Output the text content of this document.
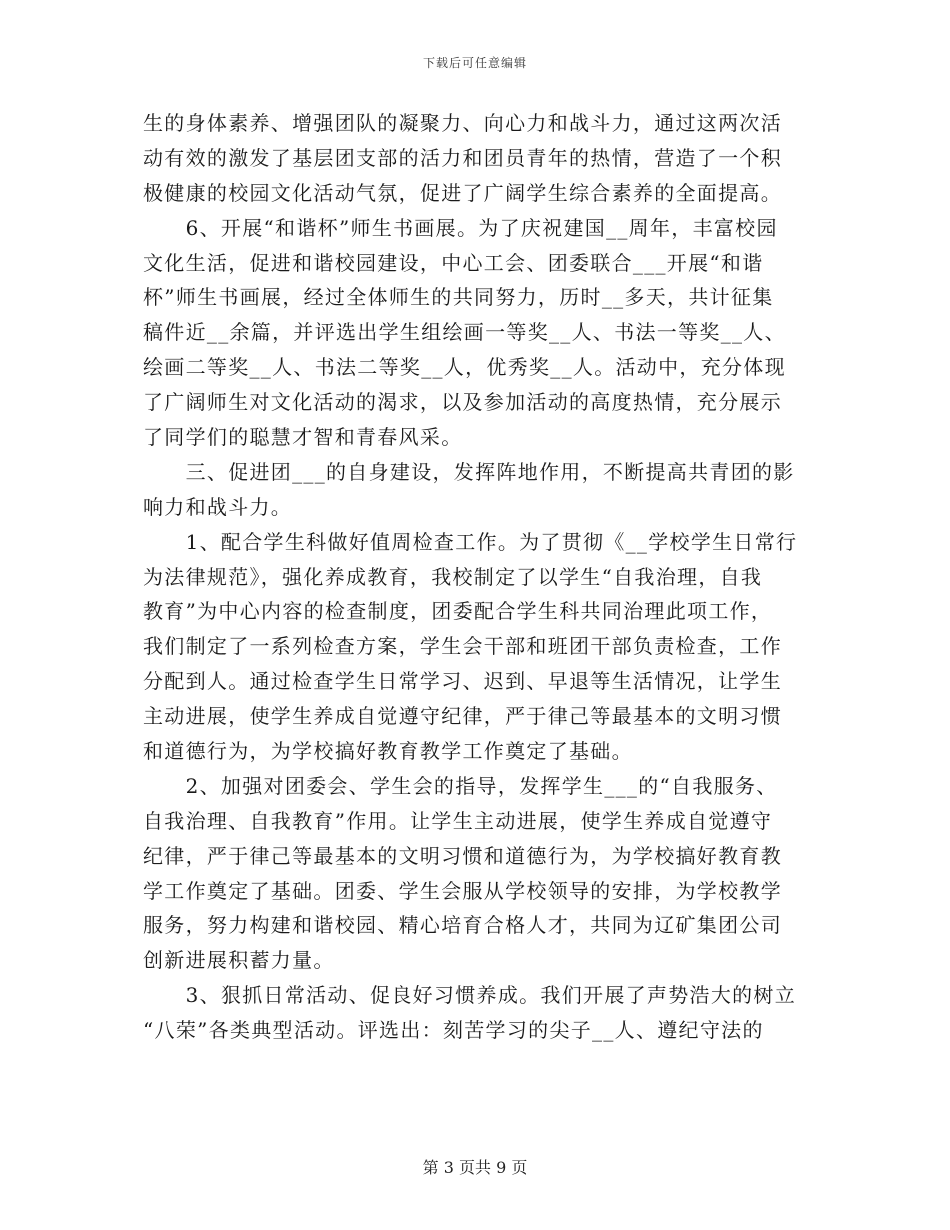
下载后可任意编辑
生的身体素养、增强团队的凝聚力、向心力和战斗力，通过这两次活
动有效的激发了基层团支部的活力和团员青年的热情，营造了一个积
极健康的校园文化活动气氛，促进了广阔学生综合素养的全面提高。
　　6、开展“和谐杯”师生书画展。为了庆祝建国__周年，丰富校园
文化生活，促进和谐校园建设，中心工会、团委联合___开展“和谐
杯”师生书画展，经过全体师生的共同努力，历时__多天，共计征集
稿件近__余篇，并评选出学生组绘画一等奖__人、书法一等奖__人、
绘画二等奖__人、书法二等奖__人，优秀奖__人。活动中，充分体现
了广阔师生对文化活动的渴求，以及参加活动的高度热情，充分展示
了同学们的聪慧才智和青春风采。
　　三、促进团___的自身建设，发挥阵地作用，不断提高共青团的影
响力和战斗力。
　　1、配合学生科做好值周检查工作。为了贯彻《__学校学生日常行
为法律规范》，强化养成教育，我校制定了以学生“自我治理，自我
教育”为中心内容的检查制度，团委配合学生科共同治理此项工作，
我们制定了一系列检查方案，学生会干部和班团干部负责检查，工作
分配到人。通过检查学生日常学习、迟到、早退等生活情况，让学生
主动进展，使学生养成自觉遵守纪律，严于律己等最基本的文明习惯
和道德行为，为学校搞好教育教学工作奠定了基础。
　　2、加强对团委会、学生会的指导，发挥学生___的“自我服务、
自我治理、自我教育”作用。让学生主动进展，使学生养成自觉遵守
纪律，严于律己等最基本的文明习惯和道德行为，为学校搞好教育教
学工作奠定了基础。团委、学生会服从学校领导的安排，为学校教学
服务，努力构建和谐校园、精心培育合格人才，共同为辽矿集团公司
创新进展积蓄力量。
　　3、狠抓日常活动、促良好习惯养成。我们开展了声势浩大的树立
“八荣”各类典型活动。评选出：刻苦学习的尖子__人、遵纪守法的
第 3 页共 9 页
